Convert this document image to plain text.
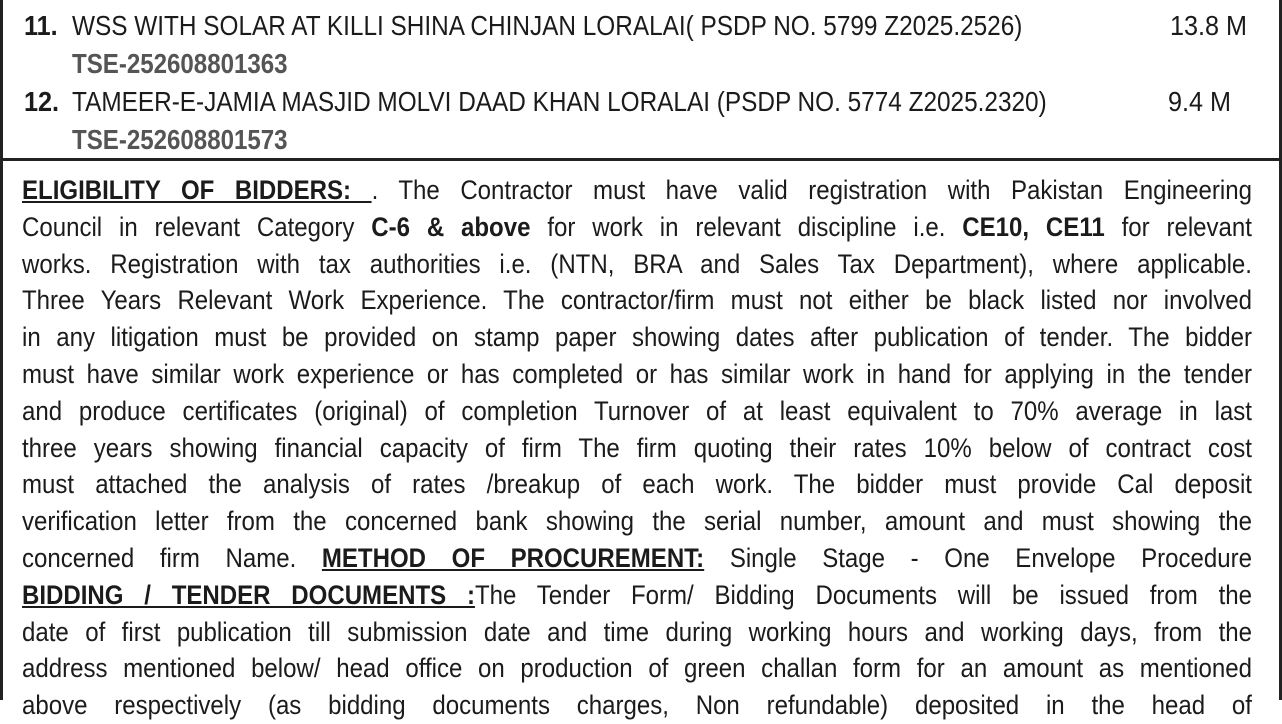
11. WSS WITH SOLAR AT KILLI SHINA CHINJAN LORALAI( PSDP NO. 5799 Z2025.2526)	13.8 M
TSE-252608801363
12. TAMEER-E-JAMIA MASJID MOLVI DAAD KHAN LORALAI (PSDP NO. 5774 Z2025.2320)	9.4 M
TSE-252608801573
ELIGIBILITY OF BIDDERS: . The Contractor must have valid registration with Pakistan Engineering
Council in relevant Category C-6 & above for work in relevant discipline i.e. CE10, CE11 for relevant
works. Registration with tax authorities i.e. (NTN, BRA and Sales Tax Department), where applicable.
Three Years Relevant Work Experience. The contractor/firm must not either be black listed nor involved
in any litigation must be provided on stamp paper showing dates after publication of tender. The bidder
must have similar work experience or has completed or has similar work in hand for applying in the tender
and produce certificates (original) of completion Turnover of at least equivalent to 70% average in last
three years showing financial capacity of firm The firm quoting their rates 10% below of contract cost
must attached the analysis of rates /breakup of each work. The bidder must provide Cal deposit
verification letter from the concerned bank showing the serial number, amount and must showing the
concerned firm Name. METHOD OF PROCUREMENT: Single Stage - One Envelope Procedure
BIDDING / TENDER DOCUMENTS :The Tender Form/ Bidding Documents will be issued from the
date of first publication till submission date and time during working hours and working days, from the
address mentioned below/ head office on production of green challan form for an amount as mentioned
above respectively (as bidding documents charges, Non refundable) deposited in the head of
